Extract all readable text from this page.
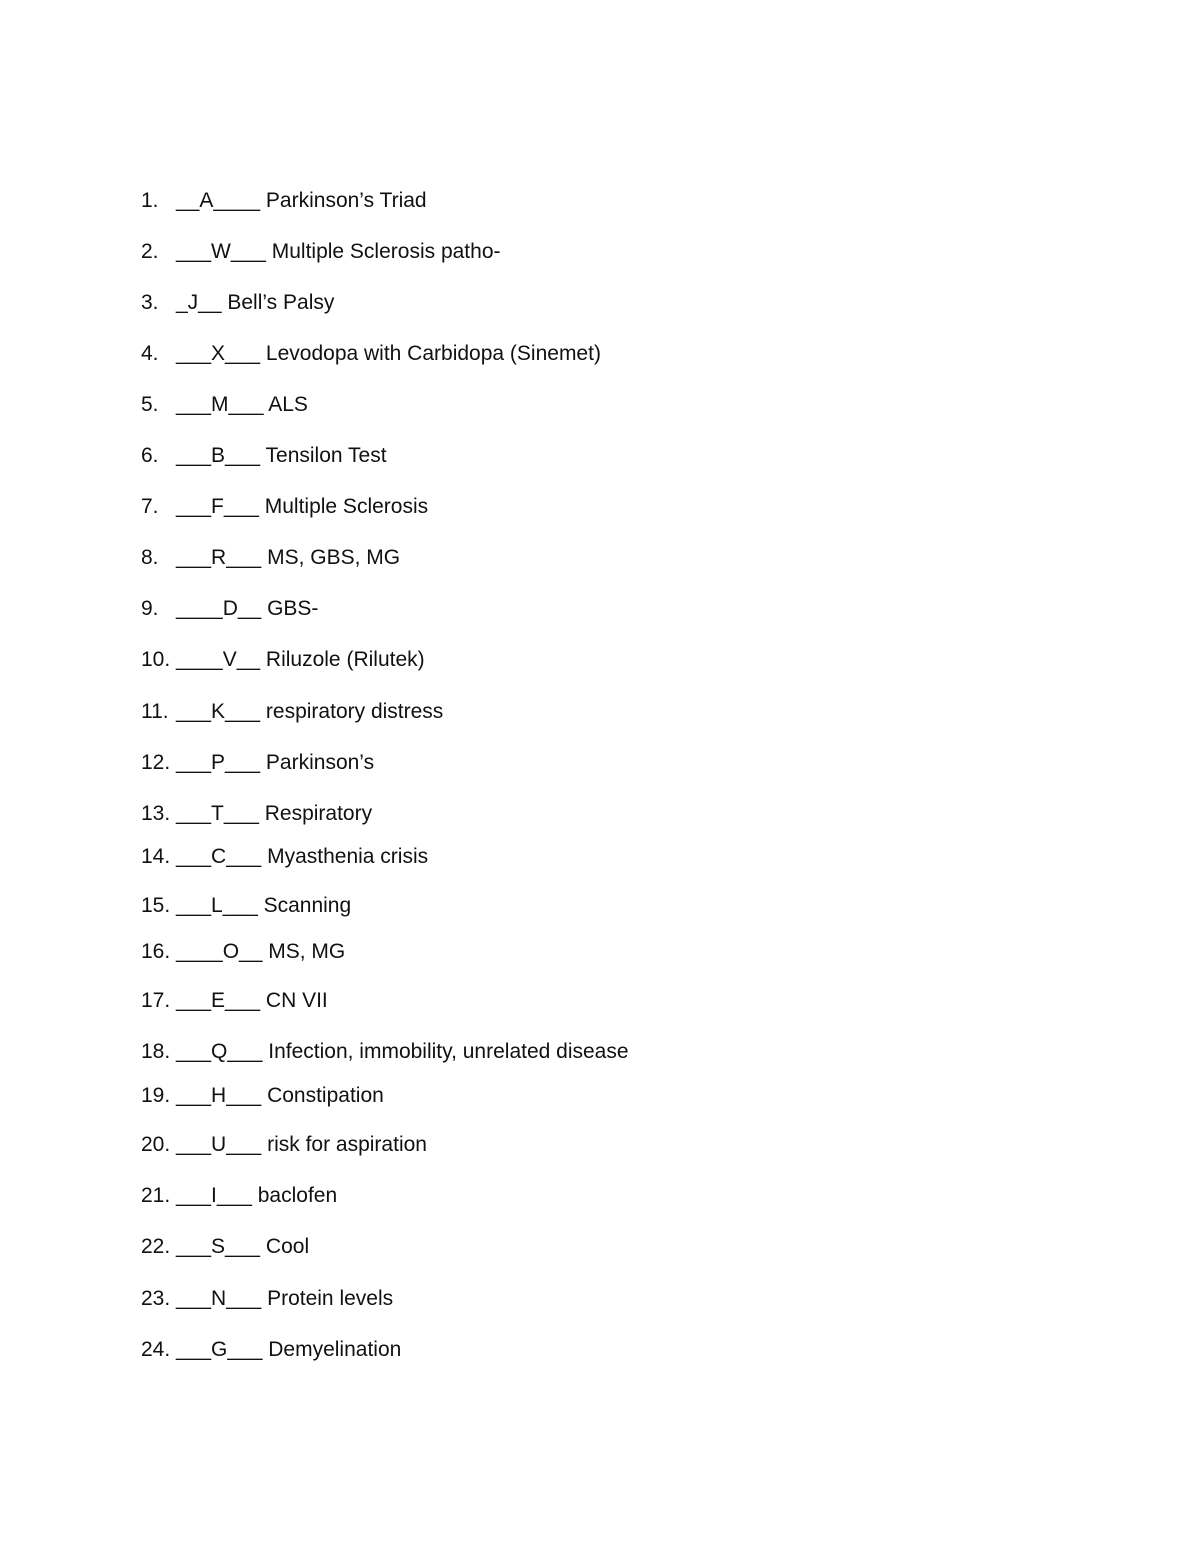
1. __A____ Parkinson’s Triad
2. ___W___ Multiple Sclerosis patho-
3. _J__ Bell’s Palsy
4. ___X___ Levodopa with Carbidopa (Sinemet)
5. ___M___ ALS
6. ___B___ Tensilon Test
7. ___F___ Multiple Sclerosis
8. ___R___ MS, GBS, MG
9. ____D__ GBS-
10. ____V__ Riluzole (Rilutek)
11. ___K___ respiratory distress
12. ___P___ Parkinson’s
13. ___T___ Respiratory
14. ___C___ Myasthenia crisis
15. ___L___ Scanning
16. ____O__ MS, MG
17. ___E___ CN VII
18. ___Q___ Infection, immobility, unrelated disease
19. ___H___ Constipation
20. ___U___ risk for aspiration
21. ___I___ baclofen
22. ___S___ Cool
23. ___N___ Protein levels
24. ___G___ Demyelination
